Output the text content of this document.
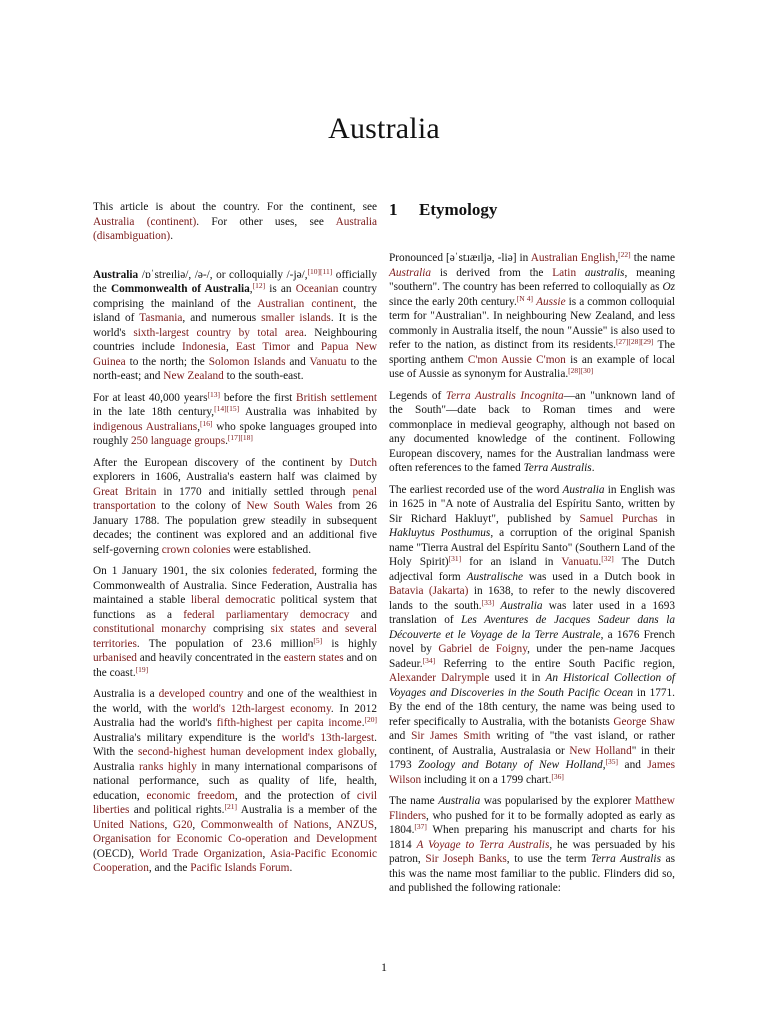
Australia

This article is about the country. For the continent, see Australia (continent). For other uses, see Australia (disambiguation).

Australia /ɒˈstreɪliə/, /ə-/, or colloquially /-jə/,[10][11] officially the Commonwealth of Australia,[12] is an Oceanian country comprising the mainland of the Australian continent, the island of Tasmania, and numerous smaller islands. It is the world's sixth-largest country by total area. Neighbouring countries include Indonesia, East Timor and Papua New Guinea to the north; the Solomon Islands and Vanuatu to the north-east; and New Zealand to the south-east.

For at least 40,000 years[13] before the first British settlement in the late 18th century,[14][15] Australia was inhabited by indigenous Australians,[16] who spoke languages grouped into roughly 250 language groups.[17][18]

After the European discovery of the continent by Dutch explorers in 1606, Australia's eastern half was claimed by Great Britain in 1770 and initially settled through penal transportation to the colony of New South Wales from 26 January 1788. The population grew steadily in subsequent decades; the continent was explored and an additional five self-governing crown colonies were established.

On 1 January 1901, the six colonies federated, forming the Commonwealth of Australia. Since Federation, Australia has maintained a stable liberal democratic political system that functions as a federal parliamentary democracy and constitutional monarchy comprising six states and several territories. The population of 23.6 million[5] is highly urbanised and heavily concentrated in the eastern states and on the coast.[19]

Australia is a developed country and one of the wealthiest in the world, with the world's 12th-largest economy. In 2012 Australia had the world's fifth-highest per capita income.[20] Australia's military expenditure is the world's 13th-largest. With the second-highest human development index globally, Australia ranks highly in many international comparisons of national performance, such as quality of life, health, education, economic freedom, and the protection of civil liberties and political rights.[21] Australia is a member of the United Nations, G20, Commonwealth of Nations, ANZUS, Organisation for Economic Co-operation and Development (OECD), World Trade Organization, Asia-Pacific Economic Cooperation, and the Pacific Islands Forum.

1 Etymology

Pronounced [əˈstɹæɪljə, -liə] in Australian English,[22] the name Australia is derived from the Latin australis, meaning "southern". The country has been referred to colloquially as Oz since the early 20th century.[N 4] Aussie is a common colloquial term for "Australian". In neighbouring New Zealand, and less commonly in Australia itself, the noun "Aussie" is also used to refer to the nation, as distinct from its residents.[27][28][29] The sporting anthem C'mon Aussie C'mon is an example of local use of Aussie as synonym for Australia.[28][30]

Legends of Terra Australis Incognita—an "unknown land of the South"—date back to Roman times and were commonplace in medieval geography, although not based on any documented knowledge of the continent. Following European discovery, names for the Australian landmass were often references to the famed Terra Australis.

The earliest recorded use of the word Australia in English was in 1625 in "A note of Australia del Espíritu Santo, written by Sir Richard Hakluyt", published by Samuel Purchas in Hakluytus Posthumus, a corruption of the original Spanish name "Tierra Austral del Espíritu Santo" (Southern Land of the Holy Spirit)[31] for an island in Vanuatu.[32] The Dutch adjectival form Australische was used in a Dutch book in Batavia (Jakarta) in 1638, to refer to the newly discovered lands to the south.[33] Australia was later used in a 1693 translation of Les Aventures de Jacques Sadeur dans la Découverte et le Voyage de la Terre Australe, a 1676 French novel by Gabriel de Foigny, under the pen-name Jacques Sadeur.[34] Referring to the entire South Pacific region, Alexander Dalrymple used it in An Historical Collection of Voyages and Discoveries in the South Pacific Ocean in 1771. By the end of the 18th century, the name was being used to refer specifically to Australia, with the botanists George Shaw and Sir James Smith writing of "the vast island, or rather continent, of Australia, Australasia or New Holland" in their 1793 Zoology and Botany of New Holland,[35] and James Wilson including it on a 1799 chart.[36]

The name Australia was popularised by the explorer Matthew Flinders, who pushed for it to be formally adopted as early as 1804.[37] When preparing his manuscript and charts for his 1814 A Voyage to Terra Australis, he was persuaded by his patron, Sir Joseph Banks, to use the term Terra Australis as this was the name most familiar to the public. Flinders did so, and published the following rationale:

1
